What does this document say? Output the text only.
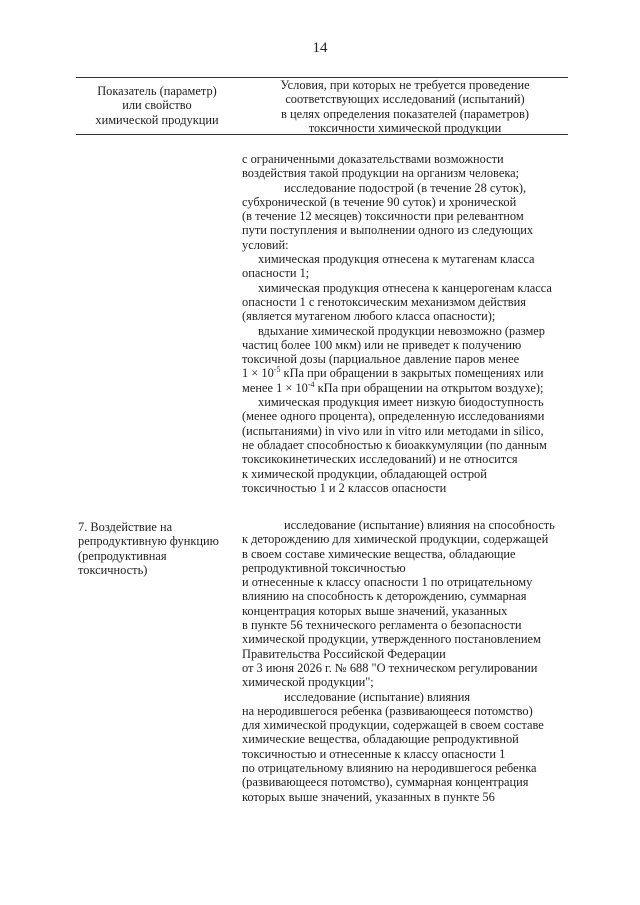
14
Показатель (параметр)
или свойство
химической продукции
Условия, при которых не требуется проведение
соответствующих исследований (испытаний)
в целях определения показателей (параметров)
токсичности химической продукции
с ограниченными доказательствами возможности
воздействия такой продукции на организм человека;
исследование подострой (в течение 28 суток),
субхронической (в течение 90 суток) и хронической
(в течение 12 месяцев) токсичности при релевантном
пути поступления и выполнении одного из следующих
условий:
химическая продукция отнесена к мутагенам класса
опасности 1;
химическая продукция отнесена к канцерогенам класса
опасности 1 с генотоксическим механизмом действия
(является мутагеном любого класса опасности);
вдыхание химической продукции невозможно (размер
частиц более 100 мкм) или не приведет к получению
токсичной дозы (парциальное давление паров менее
$1 \times 10^{-5}$ кПа при обращении в закрытых помещениях или
менее $1 \times 10^{-4}$ кПа при обращении на открытом воздухе);
химическая продукция имеет низкую биодоступность
(менее одного процента), определенную исследованиями
(испытаниями) in vivo или in vitro или методами in silico,
не обладает способностью к биоаккумуляции (по данным
токсикокинетических исследований) и не относится
к химической продукции, обладающей острой
токсичностью 1 и 2 классов опасности
7. Воздействие на
репродуктивную функцию
(репродуктивная
токсичность)
исследование (испытание) влияния на способность
к деторождению для химической продукции, содержащей
в своем составе химические вещества, обладающие
репродуктивной токсичностью
и отнесенные к классу опасности 1 по отрицательному
влиянию на способность к деторождению, суммарная
концентрация которых выше значений, указанных
в пункте 56 технического регламента о безопасности
химической продукции, утвержденного постановлением
Правительства Российской Федерации
от 3 июня 2026 г. № 688 "О техническом регулировании
химической продукции";
исследование (испытание) влияния
на неродившегося ребенка (развивающееся потомство)
для химической продукции, содержащей в своем составе
химические вещества, обладающие репродуктивной
токсичностью и отнесенные к классу опасности 1
по отрицательному влиянию на неродившегося ребенка
(развивающееся потомство), суммарная концентрация
которых выше значений, указанных в пункте 56
